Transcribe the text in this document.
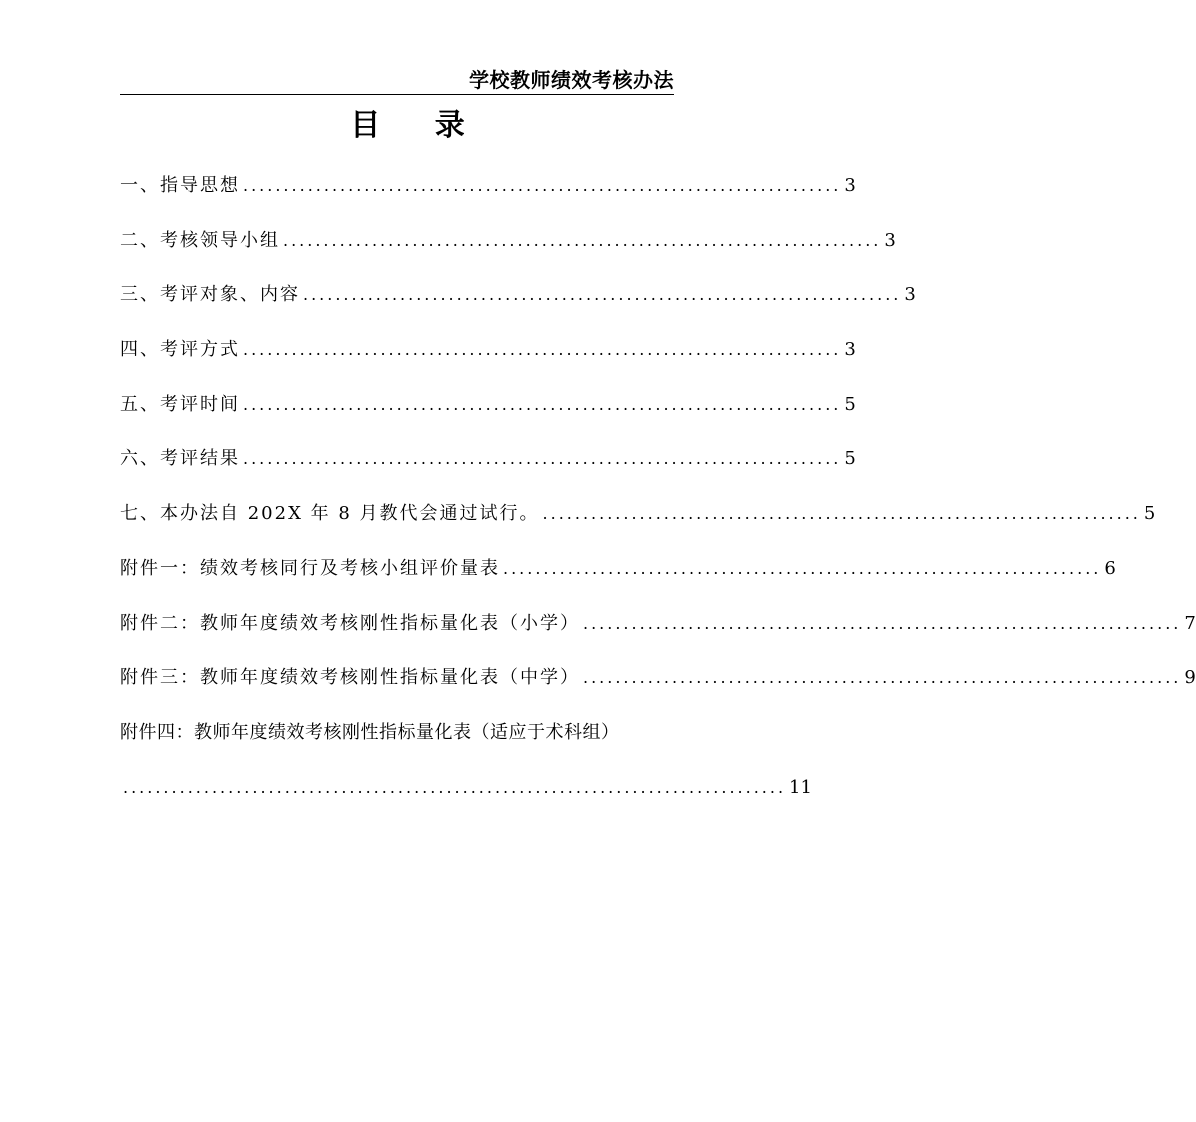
学校教师绩效考核办法
目 录
一、指导思想 .......................................................................... 3
二、考核领导小组 .......................................................................... 3
三、考评对象、内容 .......................................................................... 3
四、考评方式 .......................................................................... 3
五、考评时间 .......................................................................... 5
六、考评结果 .......................................................................... 5
七、本办法自 202X 年 8 月教代会通过试行。 .......................................................................... 5
附件一：绩效考核同行及考核小组评价量表 .......................................................................... 6
附件二：教师年度绩效考核刚性指标量化表（小学） .......................................................................... 7
附件三：教师年度绩效考核刚性指标量化表（中学） .......................................................................... 9
附件四：教师年度绩效考核刚性指标量化表（适应于术科组）
.................................................................................. 11
